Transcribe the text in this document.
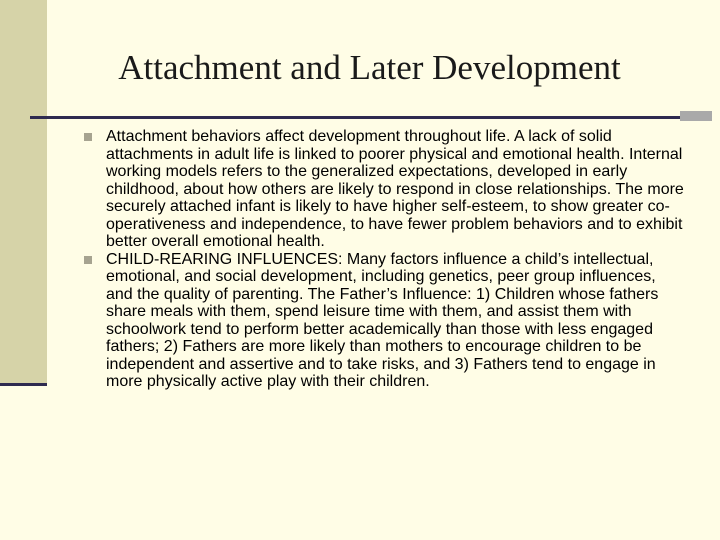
Attachment and Later Development
Attachment behaviors affect development throughout life. A lack of solid attachments in adult life is linked to poorer physical and emotional health. Internal working models refers to the generalized expectations, developed in early childhood, about how others are likely to respond in close relationships. The more securely attached infant is likely to have higher self-esteem, to show greater co-operativeness and independence, to have fewer problem behaviors and to exhibit better overall emotional health.
CHILD-REARING INFLUENCES: Many factors influence a child’s intellectual, emotional, and social development, including genetics, peer group influences, and the quality of parenting. The Father’s Influence: 1) Children whose fathers share meals with them, spend leisure time with them, and assist them with schoolwork tend to perform better academically than those with less engaged fathers; 2) Fathers are more likely than mothers to encourage children to be independent and assertive and to take risks, and 3) Fathers tend to engage in more physically active play with their children.
